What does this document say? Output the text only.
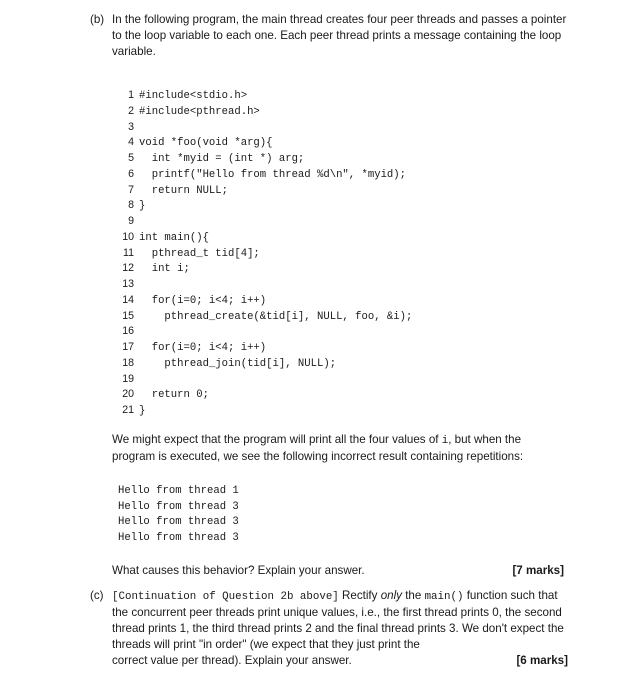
(b) In the following program, the main thread creates four peer threads and passes a pointer to the loop variable to each one. Each peer thread prints a message containing the loop variable.
1 #include<stdio.h>
2 #include<pthread.h>
3
4 void *foo(void *arg){
5  int *myid = (int *) arg;
6  printf("Hello from thread %d\n", *myid);
7  return NULL;
8 }
9
10 int main(){
11  pthread_t tid[4];
12  int i;
13
14  for(i=0; i<4; i++)
15    pthread_create(&tid[i], NULL, foo, &i);
16
17  for(i=0; i<4; i++)
18    pthread_join(tid[i], NULL);
19
20  return 0;
21 }
We might expect that the program will print all the four values of i, but when the program is executed, we see the following incorrect result containing repetitions:
Hello from thread 1
Hello from thread 3
Hello from thread 3
Hello from thread 3
What causes this behavior? Explain your answer.	[7 marks]
(c) [Continuation of Question 2b above] Rectify only the main() function such that the concurrent peer threads print unique values, i.e., the first thread prints 0, the second thread prints 1, the third thread prints 2 and the final thread prints 3. We don't expect the threads will print "in order" (we expect that they just print the
correct value per thread). Explain your answer.	[6 marks]
